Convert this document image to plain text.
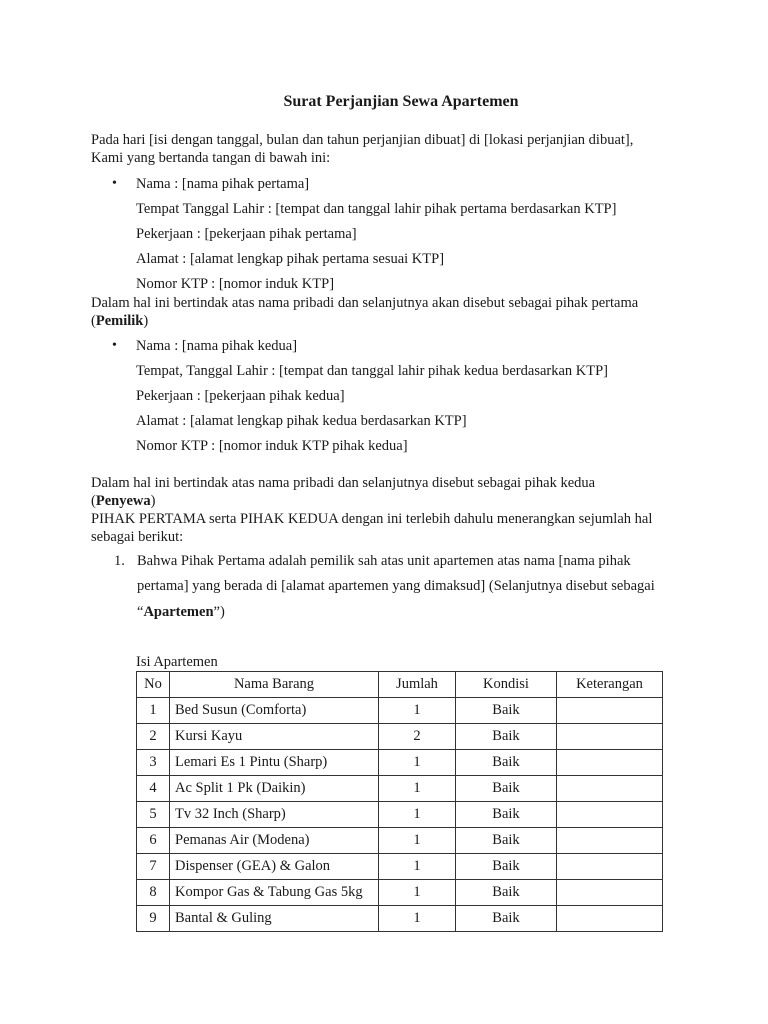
Surat Perjanjian Sewa Apartemen
Pada hari [isi dengan tanggal, bulan dan tahun perjanjian dibuat] di [lokasi perjanjian dibuat],
Kami yang bertanda tangan di bawah ini:
• Nama : [nama pihak pertama]
Tempat Tanggal Lahir : [tempat dan tanggal lahir pihak pertama berdasarkan KTP]
Pekerjaan : [pekerjaan pihak pertama]
Alamat : [alamat lengkap pihak pertama sesuai KTP]
Nomor KTP : [nomor induk KTP]
Dalam hal ini bertindak atas nama pribadi dan selanjutnya akan disebut sebagai pihak pertama
(Pemilik)
• Nama : [nama pihak kedua]
Tempat, Tanggal Lahir : [tempat dan tanggal lahir pihak kedua berdasarkan KTP]
Pekerjaan : [pekerjaan pihak kedua]
Alamat : [alamat lengkap pihak kedua berdasarkan KTP]
Nomor KTP : [nomor induk KTP pihak kedua]
Dalam hal ini bertindak atas nama pribadi dan selanjutnya disebut sebagai pihak kedua
(Penyewa)
PIHAK PERTAMA serta PIHAK KEDUA dengan ini terlebih dahulu menerangkan sejumlah hal
sebagai berikut:
1. Bahwa Pihak Pertama adalah pemilik sah atas unit apartemen atas nama [nama pihak
pertama] yang berada di [alamat apartemen yang dimaksud] (Selanjutnya disebut sebagai
“Apartemen”)
Isi Apartemen
No	Nama Barang	Jumlah	Kondisi	Keterangan
1	Bed Susun (Comforta)	1	Baik	
2	Kursi Kayu	2	Baik	
3	Lemari Es 1 Pintu (Sharp)	1	Baik	
4	Ac Split 1 Pk (Daikin)	1	Baik	
5	Tv 32 Inch (Sharp)	1	Baik	
6	Pemanas Air (Modena)	1	Baik	
7	Dispenser (GEA) & Galon	1	Baik	
8	Kompor Gas & Tabung Gas 5kg	1	Baik	
9	Bantal & Guling	1	Baik	
